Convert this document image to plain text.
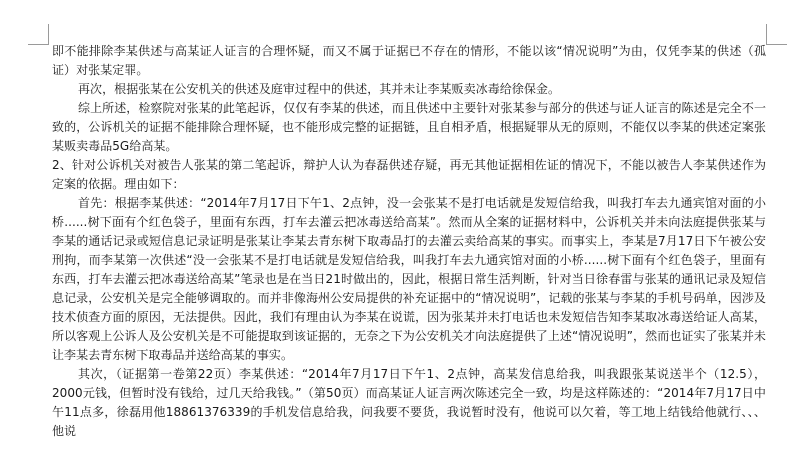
即不能排除李某供述与高某证人证言的合理怀疑，而又不属于证据已不存在的情形，不能以该“情况说明”为由，仅凭李某的供述（孤证）对张某定罪。

再次，根据张某在公安机关的供述及庭审过程中的供述，其并未让李某贩卖冰毒给徐保金。

综上所述，检察院对张某的此笔起诉，仅仅有李某的供述，而且供述中主要针对张某参与部分的供述与证人证言的陈述是完全不一致的，公诉机关的证据不能排除合理怀疑，也不能形成完整的证据链，且自相矛盾，根据疑罪从无的原则，不能仅以李某的供述定案张某贩卖毒品5G给高某。

2、针对公诉机关对被告人张某的第二笔起诉，辩护人认为春磊供述存疑，再无其他证据相佐证的情况下，不能以被告人李某供述作为定案的依据。理由如下：

首先：根据李某供述：“2014年7月17日下午1、2点钟，没一会张某不是打电话就是发短信给我，叫我打车去九通宾馆对面的小桥......树下面有个红色袋子，里面有东西，打车去灌云把冰毒送给高某”。然而从全案的证据材料中，公诉机关并未向法庭提供张某与李某的通话记录或短信息记录证明是张某让李某去青东树下取毒品打的去灌云卖给高某的事实。而事实上，李某是7月17日下午被公安刑拘，而李某第一次供述“没一会张某不是打电话就是发短信给我，叫我打车去九通宾馆对面的小桥......树下面有个红色袋子，里面有东西，打车去灌云把冰毒送给高某”笔录也是在当日21时做出的，因此，根据日常生活判断，针对当日徐春雷与张某的通讯记录及短信息记录，公安机关是完全能够调取的。而并非像海州公安局提供的补充证据中的“情况说明”，记载的张某与李某的手机号码单，因涉及技术侦查方面的原因，无法提供。因此，我们有理由认为李某在说谎，因为张某并未打电话也未发短信告知李某取冰毒送给证人高某，所以客观上公诉人及公安机关是不可能提取到该证据的，无奈之下为公安机关才向法庭提供了上述“情况说明”，然而也证实了张某并未让李某去青东树下取毒品并送给高某的事实。

其次，（证据第一卷第22页）李某供述：“2014年7月17日下午1、2点钟，高某发信息给我，叫我跟张某说送半个（12.5），2000元钱，但暂时没有钱给，过几天给我钱。”（第50页）而高某证人证言两次陈述完全一致，均是这样陈述的：“2014年7月17日中午11点多，徐磊用他18861376339的手机发信息给我，问我要不要货，我说暂时没有，他说可以欠着，等工地上结钱给他就行、、、他说
